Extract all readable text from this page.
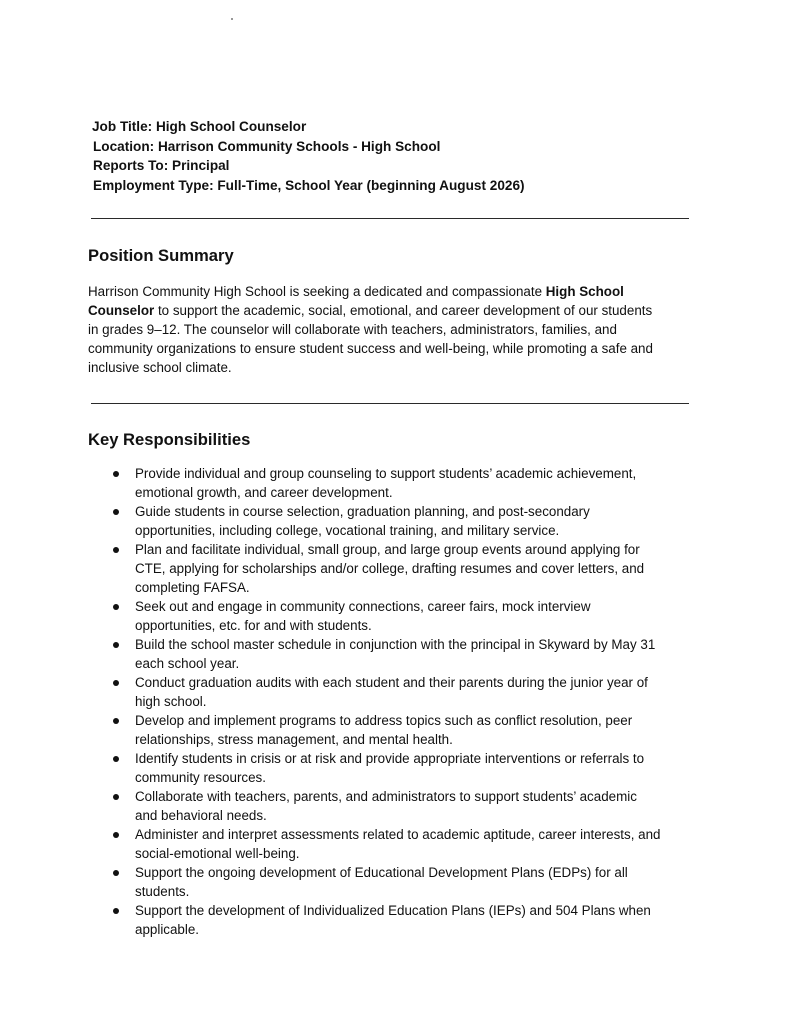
Job Title: High School Counselor
Location: Harrison Community Schools - High School
Reports To: Principal
Employment Type: Full-Time, School Year (beginning August 2026)
Position Summary
Harrison Community High School is seeking a dedicated and compassionate High School
Counselor to support the academic, social, emotional, and career development of our students
in grades 9–12. The counselor will collaborate with teachers, administrators, families, and
community organizations to ensure student success and well-being, while promoting a safe and
inclusive school climate.
Key Responsibilities
Provide individual and group counseling to support students’ academic achievement,
emotional growth, and career development.
Guide students in course selection, graduation planning, and post-secondary
opportunities, including college, vocational training, and military service.
Plan and facilitate individual, small group, and large group events around applying for
CTE, applying for scholarships and/or college, drafting resumes and cover letters, and
completing FAFSA.
Seek out and engage in community connections, career fairs, mock interview
opportunities, etc. for and with students.
Build the school master schedule in conjunction with the principal in Skyward by May 31
each school year.
Conduct graduation audits with each student and their parents during the junior year of
high school.
Develop and implement programs to address topics such as conflict resolution, peer
relationships, stress management, and mental health.
Identify students in crisis or at risk and provide appropriate interventions or referrals to
community resources.
Collaborate with teachers, parents, and administrators to support students’ academic
and behavioral needs.
Administer and interpret assessments related to academic aptitude, career interests, and
social-emotional well-being.
Support the ongoing development of Educational Development Plans (EDPs) for all
students.
Support the development of Individualized Education Plans (IEPs) and 504 Plans when
applicable.
